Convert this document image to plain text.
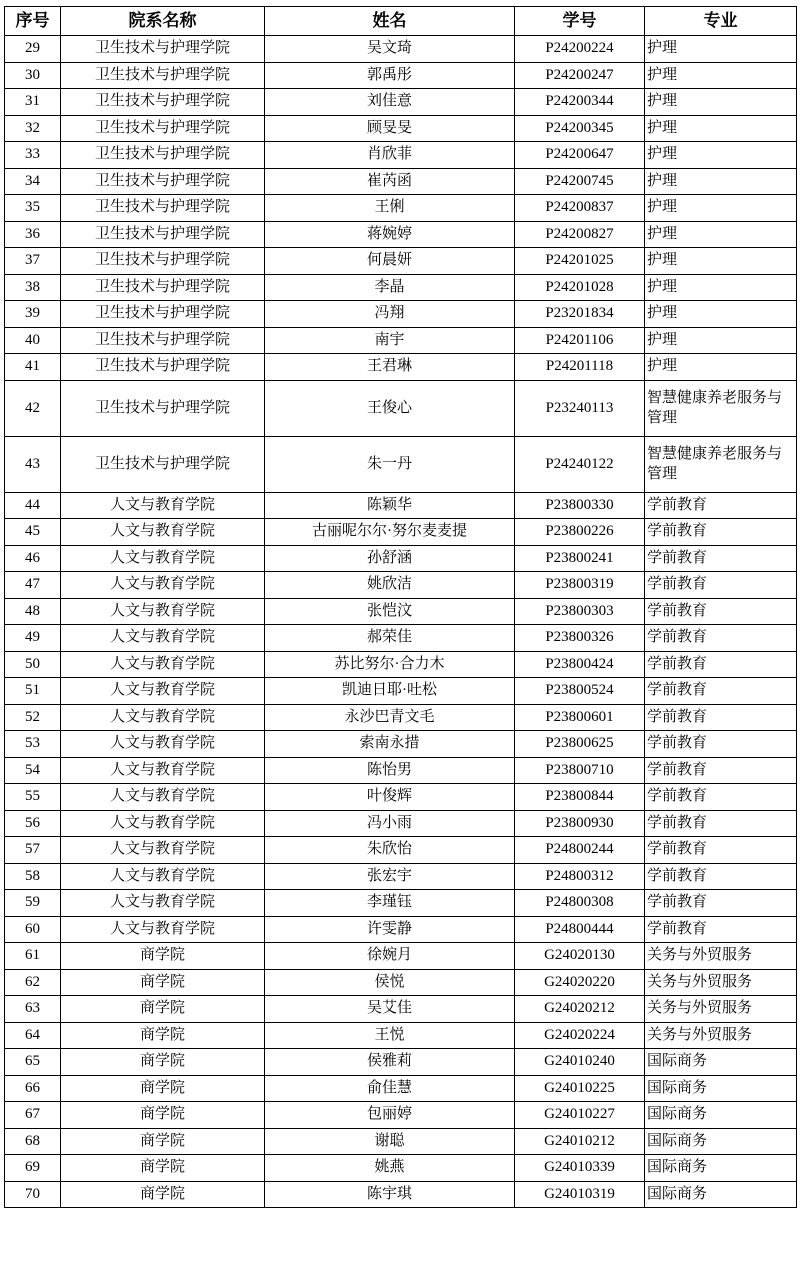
序号	院系名称	姓名	学号	专业
29	卫生技术与护理学院	吴文琦	P24200224	护理
30	卫生技术与护理学院	郭禹彤	P24200247	护理
31	卫生技术与护理学院	刘佳意	P24200344	护理
32	卫生技术与护理学院	顾旻旻	P24200345	护理
33	卫生技术与护理学院	肖欣菲	P24200647	护理
34	卫生技术与护理学院	崔芮函	P24200745	护理
35	卫生技术与护理学院	王俐	P24200837	护理
36	卫生技术与护理学院	蒋婉婷	P24200827	护理
37	卫生技术与护理学院	何晨妍	P24201025	护理
38	卫生技术与护理学院	李晶	P24201028	护理
39	卫生技术与护理学院	冯翔	P23201834	护理
40	卫生技术与护理学院	南宇	P24201106	护理
41	卫生技术与护理学院	王君琳	P24201118	护理
42	卫生技术与护理学院	王俊心	P23240113	智慧健康养老服务与管理
43	卫生技术与护理学院	朱一丹	P24240122	智慧健康养老服务与管理
44	人文与教育学院	陈颖华	P23800330	学前教育
45	人文与教育学院	古丽呢尔尔·努尔麦麦提	P23800226	学前教育
46	人文与教育学院	孙舒涵	P23800241	学前教育
47	人文与教育学院	姚欣洁	P23800319	学前教育
48	人文与教育学院	张恺汶	P23800303	学前教育
49	人文与教育学院	郝荣佳	P23800326	学前教育
50	人文与教育学院	苏比努尔·合力木	P23800424	学前教育
51	人文与教育学院	凯迪日耶·吐松	P23800524	学前教育
52	人文与教育学院	永沙巴青文毛	P23800601	学前教育
53	人文与教育学院	索南永措	P23800625	学前教育
54	人文与教育学院	陈怡男	P23800710	学前教育
55	人文与教育学院	叶俊辉	P23800844	学前教育
56	人文与教育学院	冯小雨	P23800930	学前教育
57	人文与教育学院	朱欣怡	P24800244	学前教育
58	人文与教育学院	张宏宇	P24800312	学前教育
59	人文与教育学院	李瑾钰	P24800308	学前教育
60	人文与教育学院	许雯静	P24800444	学前教育
61	商学院	徐婉月	G24020130	关务与外贸服务
62	商学院	侯悦	G24020220	关务与外贸服务
63	商学院	吴艾佳	G24020212	关务与外贸服务
64	商学院	王悦	G24020224	关务与外贸服务
65	商学院	侯雅莉	G24010240	国际商务
66	商学院	俞佳慧	G24010225	国际商务
67	商学院	包丽婷	G24010227	国际商务
68	商学院	谢聪	G24010212	国际商务
69	商学院	姚燕	G24010339	国际商务
70	商学院	陈宇琪	G24010319	国际商务
